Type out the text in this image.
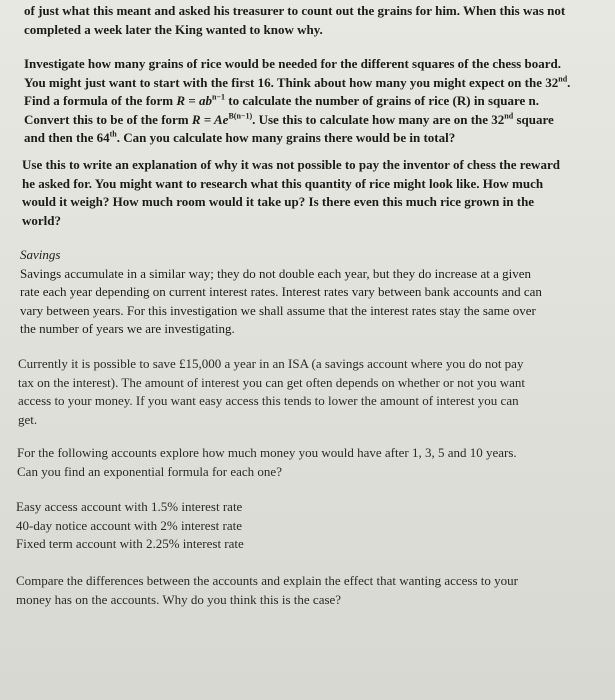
of just what this meant and asked his treasurer to count out the grains for him. When this was not

completed a week later the King wanted to know why.

Investigate how many grains of rice would be needed for the different squares of the chess board.

You might just want to start with the first 16. Think about how many you might expect on the 32nd.

Find a formula of the form $R = ab^{n-1}$ to calculate the number of grains of rice (R) in square n.

Convert this to be of the form $R = Ae^{B(n-1)}$. Use this to calculate how many are on the 32nd square

and then the 64th. Can you calculate how many grains there would be in total?

Use this to write an explanation of why it was not possible to pay the inventor of chess the reward

he asked for. You might want to research what this quantity of rice might look like. How much

would it weigh? How much room would it take up? Is there even this much rice grown in the

world?

Savings

Savings accumulate in a similar way; they do not double each year, but they do increase at a given

rate each year depending on current interest rates. Interest rates vary between bank accounts and can

vary between years. For this investigation we shall assume that the interest rates stay the same over

the number of years we are investigating.

Currently it is possible to save £15,000 a year in an ISA (a savings account where you do not pay

tax on the interest). The amount of interest you can get often depends on whether or not you want

access to your money. If you want easy access this tends to lower the amount of interest you can

get.

For the following accounts explore how much money you would have after 1, 3, 5 and 10 years.

Can you find an exponential formula for each one?

Easy access account with 1.5% interest rate

40-day notice account with 2% interest rate

Fixed term account with 2.25% interest rate

Compare the differences between the accounts and explain the effect that wanting access to your

money has on the accounts. Why do you think this is the case?
